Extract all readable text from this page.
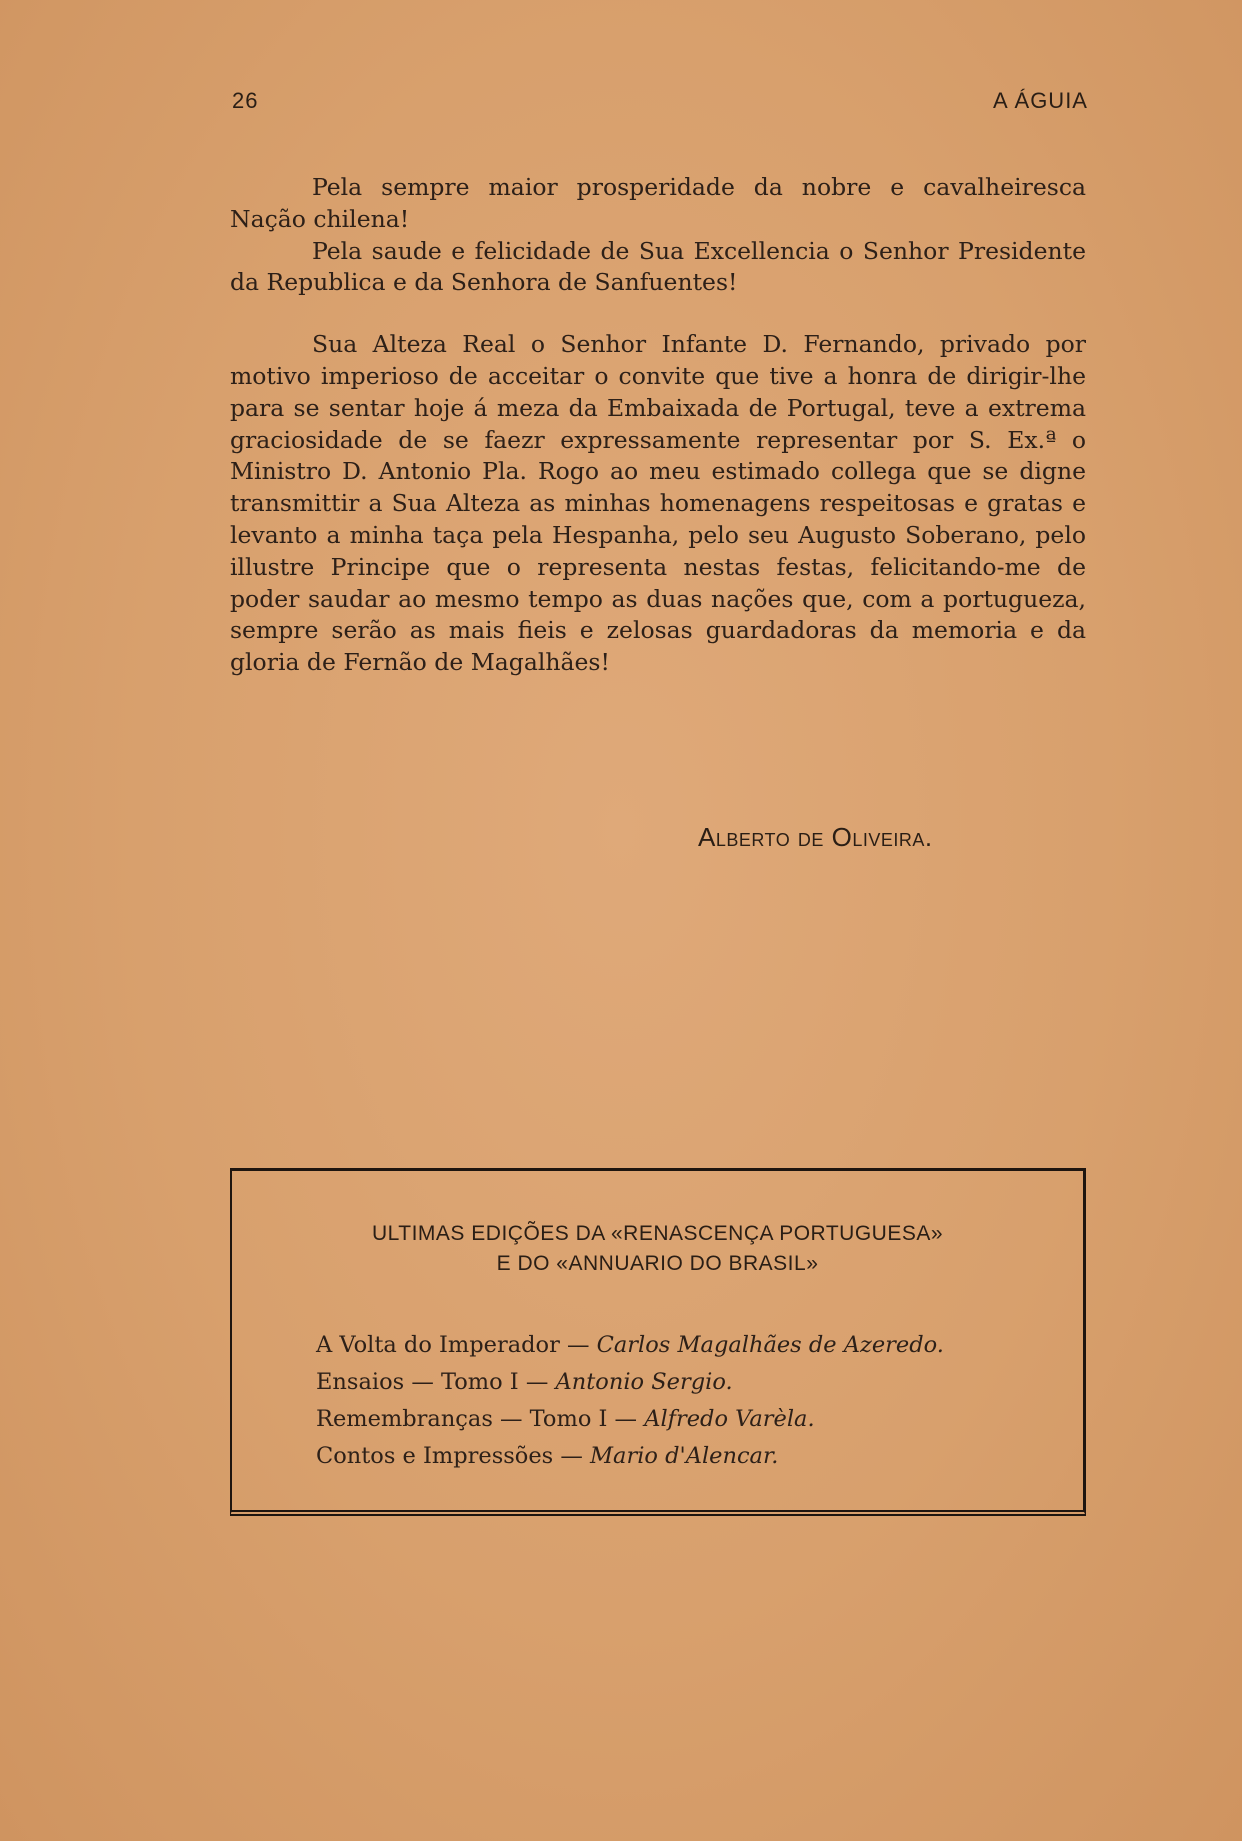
26	A ÁGUIA

Pela sempre maior prosperidade da nobre e cavalheiresca Nação chilena!

Pela saude e felicidade de Sua Excellencia o Senhor Presidente da Republica e da Senhora de Sanfuentes!

Sua Alteza Real o Senhor Infante D. Fernando, privado por motivo imperioso de acceitar o convite que tive a honra de dirigir-lhe para se sentar hoje á meza da Embaixada de Portugal, teve a extrema graciosidade de se faezr expressamente representar por S. Ex.ª o Ministro D. Antonio Pla. Rogo ao meu estimado collega que se digne transmittir a Sua Alteza as minhas homenagens respeitosas e gratas e levanto a minha taça pela Hespanha, pelo seu Augusto Soberano, pelo illustre Principe que o representa nestas festas, felicitando-me de poder saudar ao mesmo tempo as duas nações que, com a portugueza, sempre serão as mais fieis e zelosas guardadoras da memoria e da gloria de Fernão de Magalhães!

Alberto de Oliveira.
ULTIMAS EDIÇÕES DA «RENASCENÇA PORTUGUESA»
E DO «ANNUARIO DO BRASIL»
A Volta do Imperador — Carlos Magalhães de Azeredo.
Ensaios — Tomo I — Antonio Sergio.
Remembranças — Tomo I — Alfredo Varèla.
Contos e Impressões — Mario d'Alencar.
